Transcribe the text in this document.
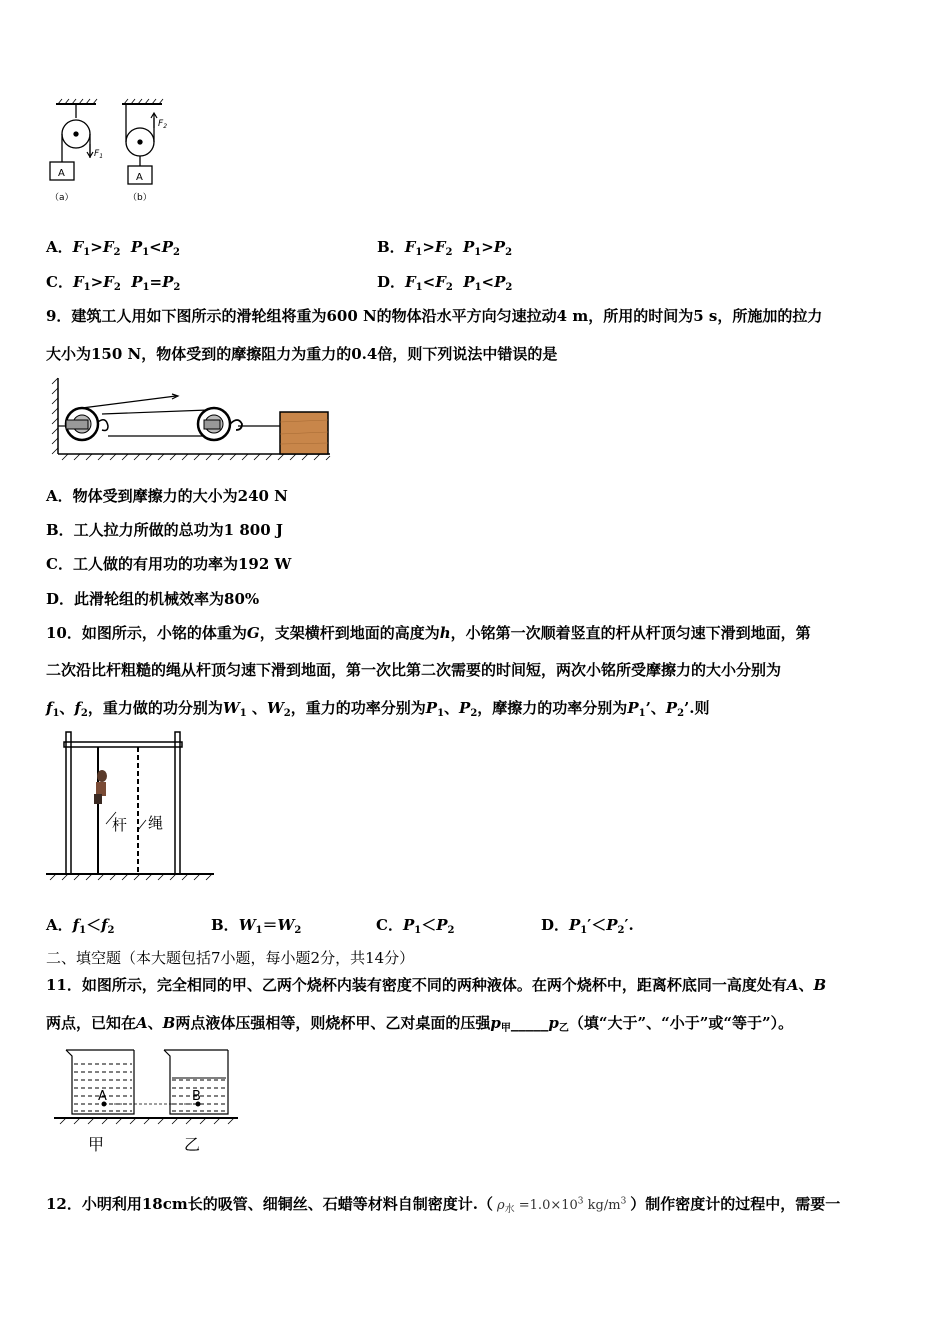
$F_1$
$F_2$
A	A
（a）	（b）
A．$F_1>F_2$ $P_1<P_2$	B．$F_1>F_2$ $P_1>P_2$
C．$F_1>F_2$ $P_1=P_2$	D．$F_1<F_2$ $P_1<P_2$
9．建筑工人用如下图所示的滑轮组将重为600 N的物体沿水平方向匀速拉动4 m，所用的时间为5 s，所施加的拉力
大小为150 N，物体受到的摩擦阻力为重力的0.4倍，则下列说法中错误的是
A．物体受到摩擦力的大小为240 N
B．工人拉力所做的总功为1 800 J
C．工人做的有用功的功率为192 W
D．此滑轮组的机械效率为80%
10．如图所示，小铭的体重为G，支架横杆到地面的高度为h，小铭第一次顺着竖直的杆从杆顶匀速下滑到地面，第
二次沿比杆粗糙的绳从杆顶匀速下滑到地面，第一次比第二次需要的时间短，两次小铭所受摩擦力的大小分别为
$f_1$、$f_2$，重力做的功分别为$W_1$ 、$W_2$，重力的功率分别为$P_1$、$P_2$，摩擦力的功率分别为$P_1$’、$P_2$’.则
杆 绳
A．$f_1<f_2$	B．$W_1=W_2$	C．$P_1<P_2$	D．$P_1'<P_2'$.
二、填空题（本大题包括7小题，每小题2分，共14分）
11．如图所示，完全相同的甲、乙两个烧杯内装有密度不同的两种液体。在两个烧杯中，距离杯底同一高度处有A、B
两点，已知在A、B两点液体压强相等，则烧杯甲、乙对桌面的压强$p_甲\_\_\_\_\_p_乙$（填“大于”、“小于”或“等于”）。
A	B
甲	乙
12．小明利用18cm长的吸管、细铜丝、石蜡等材料自制密度计.（ $\rho_水 =1.0\times 10^3$ $kg/m^3$ ）制作密度计的过程中，需要一
